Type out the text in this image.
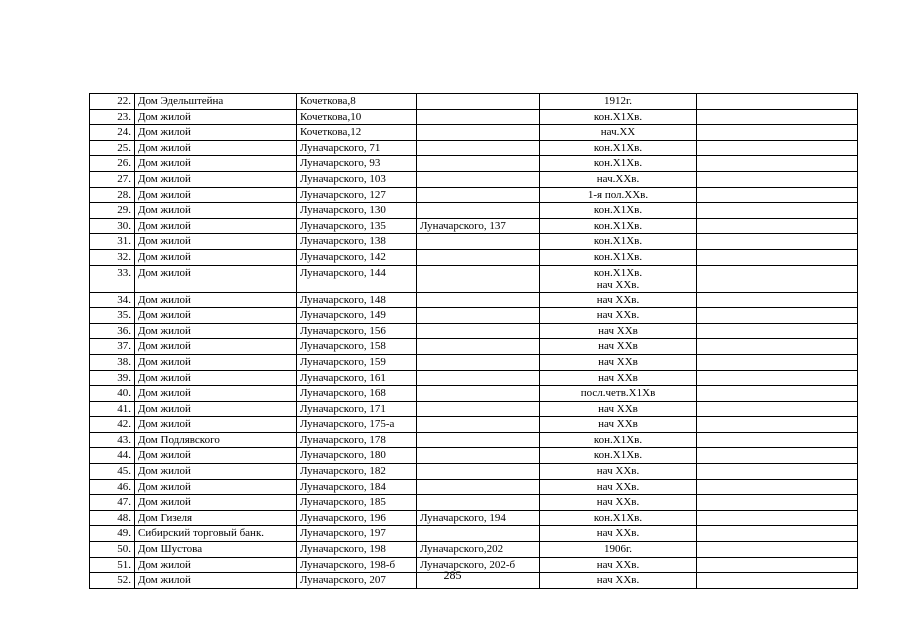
22.	Дом Эдельштейна	Кочеткова,8		1912г.	

23.	Дом жилой	Кочеткова,10		кон.Х1Хв.	

24.	Дом жилой	Кочеткова,12		нач.XX	

25.	Дом жилой	Луначарского, 71		кон.Х1Хв.	

26.	Дом жилой	Луначарского, 93		кон.Х1Хв.	

27.	Дом жилой	Луначарского, 103		нач.ХХв.	

28.	Дом жилой	Луначарского, 127		1-я пол.ХХв.	

29.	Дом жилой	Луначарского, 130		кон.Х1Хв.	

30.	Дом жилой	Луначарского, 135	Луначарского, 137	кон.Х1Хв.	

31.	Дом жилой	Луначарского, 138		кон.Х1Хв.	

32.	Дом жилой	Луначарского, 142		кон.Х1Хв.	

33.	Дом жилой	Луначарского, 144		кон.Х1Хв.
нач ХХв.	

34.	Дом жилой	Луначарского, 148		нач ХХв.	

35.	Дом жилой	Луначарского, 149		нач ХХв.	

36.	Дом жилой	Луначарского, 156		нач ХХв	

37.	Дом жилой	Луначарского, 158		нач ХХв	

38.	Дом жилой	Луначарского, 159		нач ХХв	

39.	Дом жилой	Луначарского, 161		нач ХХв	

40.	Дом жилой	Луначарского, 168		посл.четв.Х1Хв	

41.	Дом жилой	Луначарского, 171		нач ХХв	

42.	Дом жилой	Луначарского, 175-а		нач ХХв	

43.	Дом Подлявского	Луначарского, 178		кон.Х1Хв.	

44.	Дом жилой	Луначарского, 180		кон.Х1Хв.	

45.	Дом жилой	Луначарского, 182		нач ХХв.	

46.	Дом жилой	Луначарского, 184		нач ХХв.	

47.	Дом жилой	Луначарского, 185		нач ХХв.	

48.	Дом Гизеля	Луначарского, 196	Луначарского, 194	кон.Х1Хв.	

49.	Сибирский торговый банк.	Луначарского, 197		нач ХХв.	

50.	Дом Шустова	Луначарского, 198	Луначарского,202	1906г.	

51.	Дом жилой	Луначарского, 198-б	Луначарского, 202-б	нач ХХв.	

52.	Дом жилой	Луначарского, 207		нач ХХв.	

285
